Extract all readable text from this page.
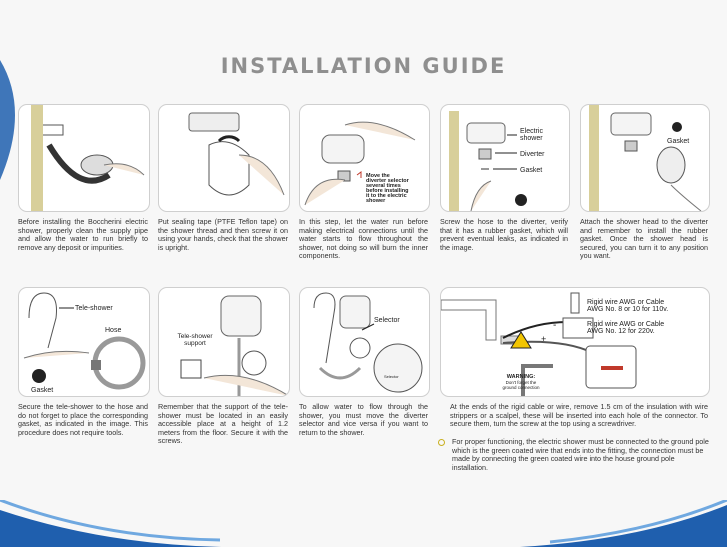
INSTALLATION GUIDE
Move the diverter selector several times before installing it to the electric shower
Electric shower Diverter Gasket
Gasket
Before installing the Boccherini electric shower, properly clean the supply pipe and allow the water to run briefly to remove any deposit or impurities.
Put sealing tape (PTFE Teflon tape) on the shower thread and then screw it on using your hands, check that the shower is upright.
In this step, let the water run before making electrical connections until the water starts to flow throughout the shower, not doing so will burn the inner components.
Screw the hose to the diverter, verify that it has a rubber gasket, which will prevent eventual leaks, as indicated in the image.
Attach the shower head to the diverter and remember to install the rubber gasket. Once the shower head is secured, you can turn it to any position you want.
Tele-shower Hose Gasket
Tele-shower support
Selector
Selector
-
+
WARNING:
Don't forget the ground connection
Rigid wire AWG or Cable AWG No. 8 or 10 for 110v. Rigid wire AWG or Cable AWG No. 12 for 220v.
Secure the tele-shower to the hose and do not forget to place the corresponding gasket, as indicated in the image. This procedure does not require tools.
Remember that the support of the tele-shower must be located in an easily accessible place at a height of 1.2 meters from the floor. Secure it with the screws.
To allow water to flow through the shower, you must move the diverter selector and vice versa if you want to return to the shower.
At the ends of the rigid cable or wire, remove 1.5 cm of the insulation with wire strippers or a scalpel, these will be inserted into each hole of the connector. To secure them, turn the screw at the top using a screwdriver.
For proper functioning, the electric shower must be connected to the ground pole which is the green coated wire that ends into the fitting, the connection must be made by connecting the green coated wire into the house ground pole installation.
